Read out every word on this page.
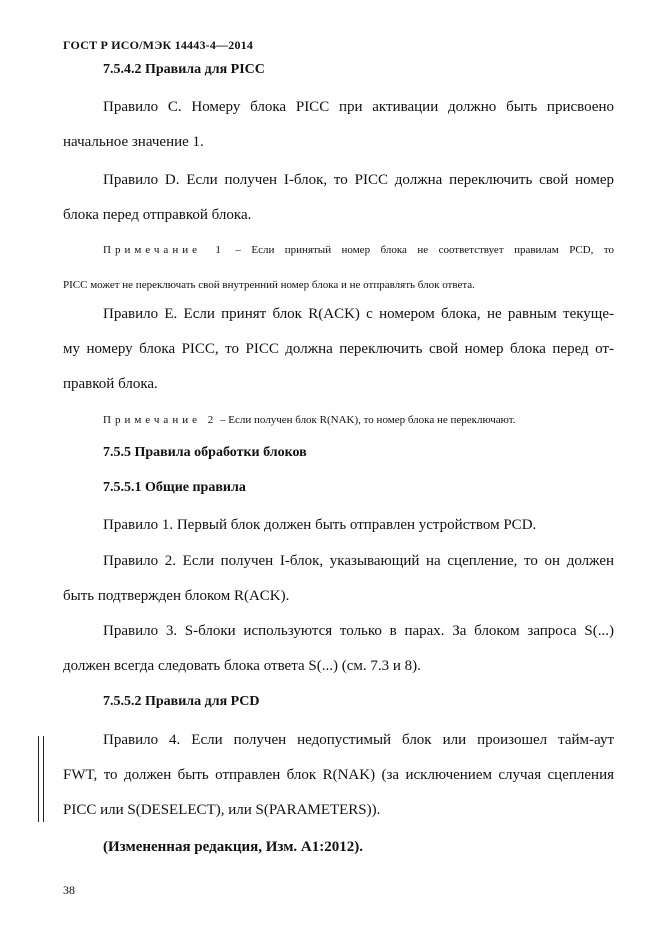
ГОСТ Р ИСО/МЭК 14443-4—2014
7.5.4.2 Правила для PICC
Правило С. Номеру блока PICC при активации должно быть присвоено
начальное значение 1.
Правило D. Если получен I-блок, то PICC должна переключить свой номер
блока перед отправкой блока.
Примечание 1 – Если принятый номер блока не соответствует правилам PCD, то
PICC может не переключать свой внутренний номер блока и не отправлять блок ответа.
Правило Е. Если принят блок R(ACK) с номером блока, не равным текуще-
му номеру блока PICC, то PICC должна переключить свой номер блока перед от-
правкой блока.
Примечание 2 – Если получен блок R(NAK), то номер блока не переключают.
7.5.5 Правила обработки блоков
7.5.5.1 Общие правила
Правило 1. Первый блок должен быть отправлен устройством PCD.
Правило 2. Если получен I-блок, указывающий на сцепление, то он должен
быть подтвержден блоком R(ACK).
Правило 3. S-блоки используются только в парах. За блоком запроса S(...)
должен всегда следовать блока ответа S(...) (см. 7.3 и 8).
7.5.5.2 Правила для PCD
Правило 4. Если получен недопустимый блок или произошел тайм-аут
FWT, то должен быть отправлен блок R(NAK) (за исключением случая сцепления
PICC или S(DESELECT), или S(PARAMETERS)).
(Измененная редакция, Изм. А1:2012).
38
